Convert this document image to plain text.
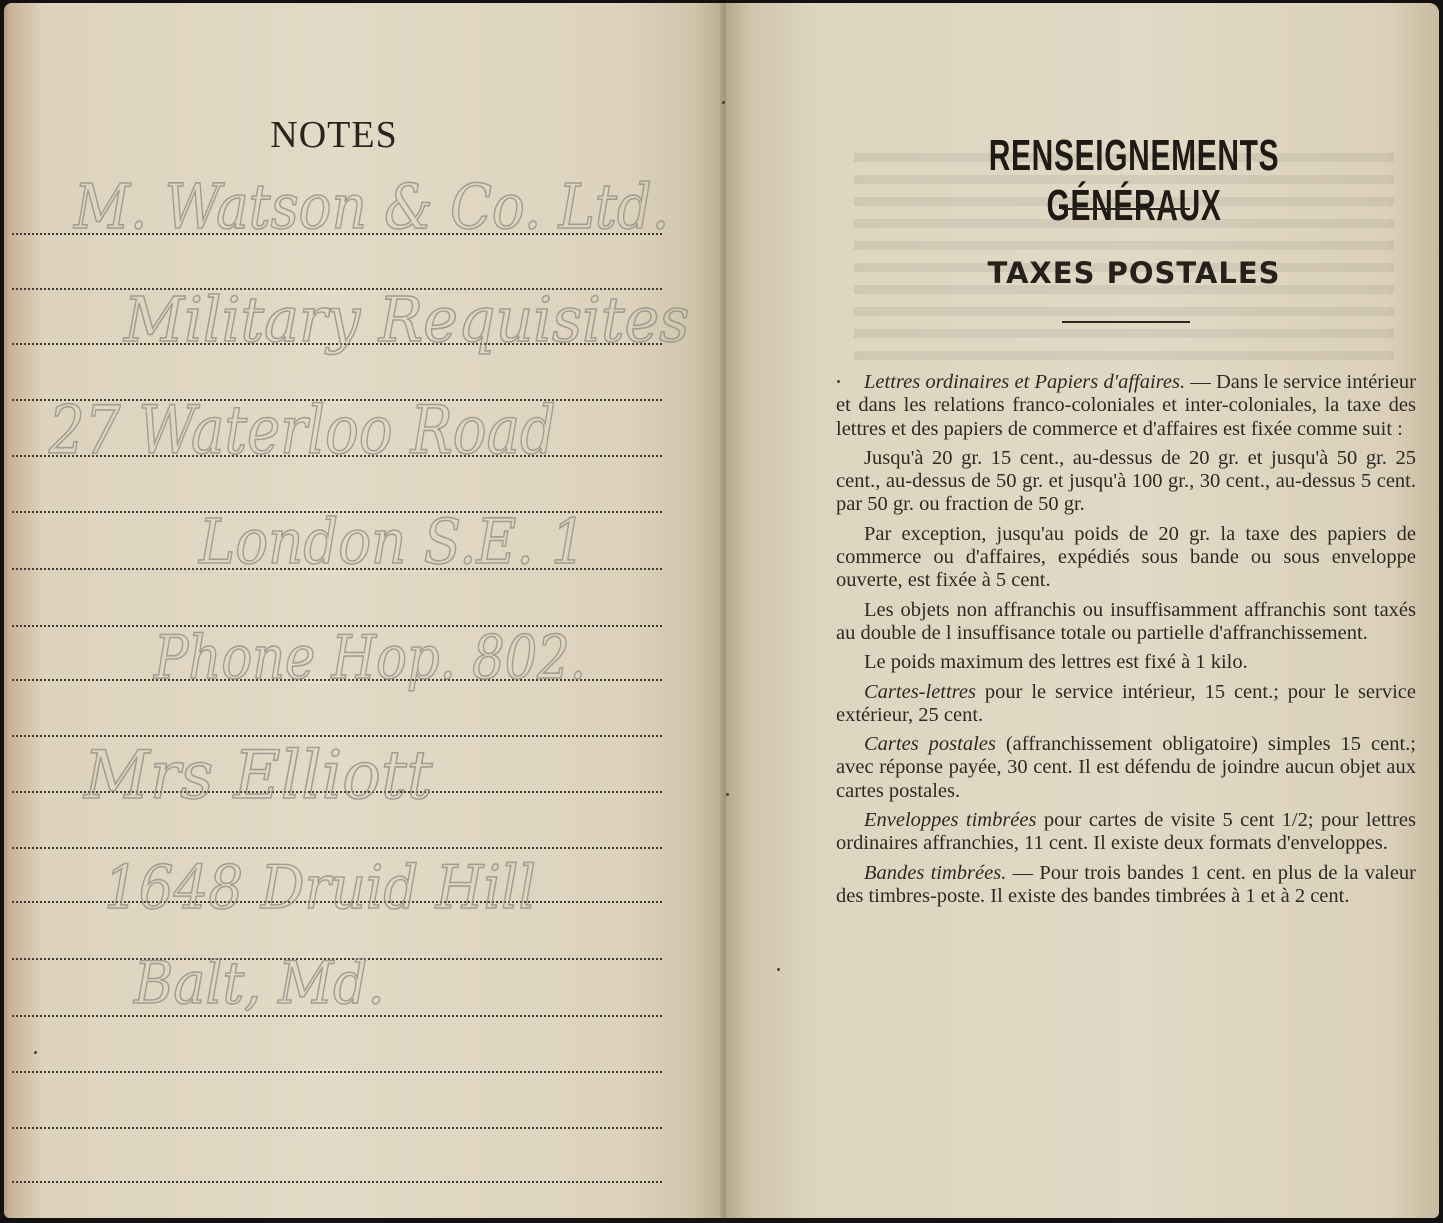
NOTES
M. Watson & Co. Ltd.
Military Requisites
27 Waterloo Road
London S.E. 1
Phone Hop. 802.
Mrs Elliott
1648 Druid Hill
Balt, Md.
RENSEIGNEMENTS GÉNÉRAUX
TAXES POSTALES

Lettres ordinaires et Papiers d'affaires. — Dans le service intérieur et dans les relations franco-coloniales et inter-coloniales, la taxe des lettres et des papiers de commerce et d'affaires est fixée comme suit :

Jusqu'à 20 gr. 15 cent., au-dessus de 20 gr. et jusqu'à 50 gr. 25 cent., au-dessus de 50 gr. et jusqu'à 100 gr., 30 cent., au-dessus 5 cent. par 50 gr. ou fraction de 50 gr.

Par exception, jusqu'au poids de 20 gr. la taxe des papiers de commerce ou d'affaires, expédiés sous bande ou sous enveloppe ouverte, est fixée à 5 cent.

Les objets non affranchis ou insuffisamment affranchis sont taxés au double de l insuffisance totale ou partielle d'affranchissement.

Le poids maximum des lettres est fixé à 1 kilo.

Cartes-lettres pour le service intérieur, 15 cent.; pour le service extérieur, 25 cent.

Cartes postales (affranchissement obligatoire) simples 15 cent.; avec réponse payée, 30 cent. Il est défendu de joindre aucun objet aux cartes postales.

Enveloppes timbrées pour cartes de visite 5 cent 1/2; pour lettres ordinaires affranchies, 11 cent. Il existe deux formats d'enveloppes.

Bandes timbrées. — Pour trois bandes 1 cent. en plus de la valeur des timbres-poste. Il existe des bandes timbrées à 1 et à 2 cent.
